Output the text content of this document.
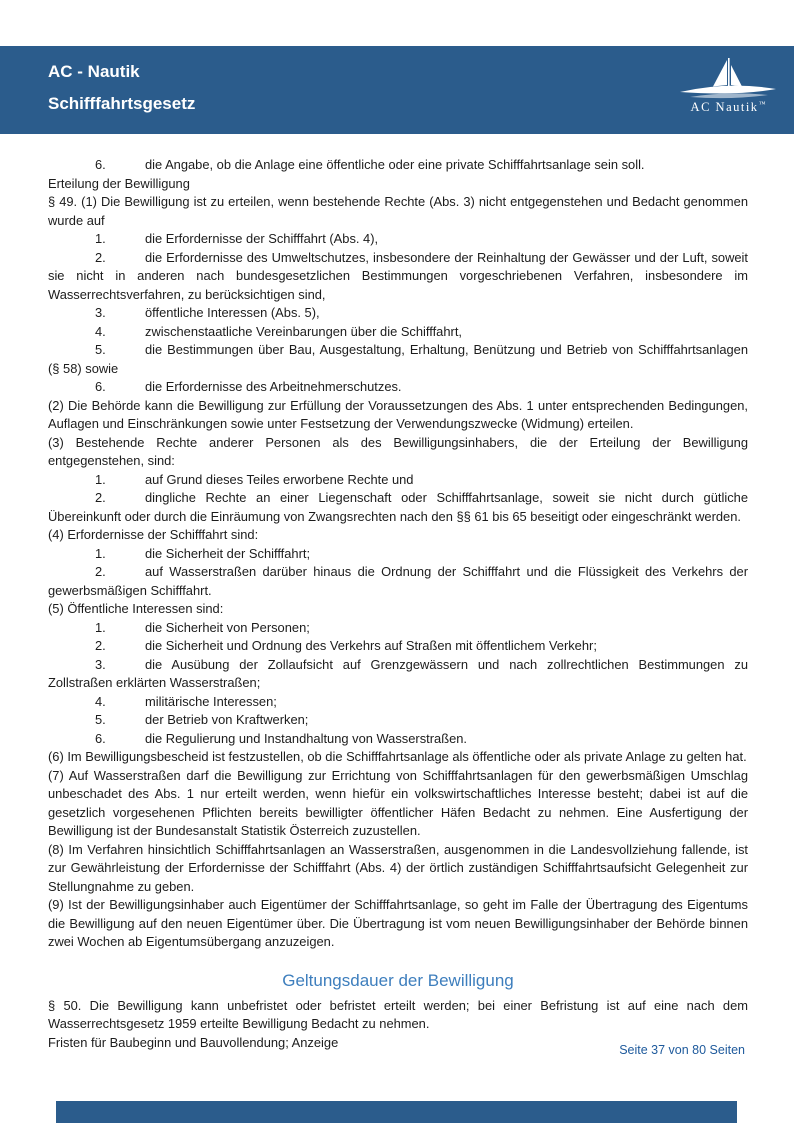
AC - Nautik
Schifffahrtsgesetz	AC Nautik™
6.	die Angabe, ob die Anlage eine öffentliche oder eine private Schifffahrtsanlage sein soll.
Erteilung der Bewilligung
§ 49. (1) Die Bewilligung ist zu erteilen, wenn bestehende Rechte (Abs. 3) nicht entgegenstehen und Bedacht genommen wurde auf
1.	die Erfordernisse der Schifffahrt (Abs. 4),
2.	die Erfordernisse des Umweltschutzes, insbesondere der Reinhaltung der Gewässer und der Luft, soweit sie nicht in anderen nach bundesgesetzlichen Bestimmungen vorgeschriebenen Verfahren, insbesondere im Wasserrechtsverfahren, zu berücksichtigen sind,
3.	öffentliche Interessen (Abs. 5),
4.	zwischenstaatliche Vereinbarungen über die Schifffahrt,
5.	die Bestimmungen über Bau, Ausgestaltung, Erhaltung, Benützung und Betrieb von Schifffahrtsanlagen (§ 58) sowie
6.	die Erfordernisse des Arbeitnehmerschutzes.
(2) Die Behörde kann die Bewilligung zur Erfüllung der Voraussetzungen des Abs. 1 unter entsprechenden Bedingungen, Auflagen und Einschränkungen sowie unter Festsetzung der Verwendungszwecke (Widmung) erteilen.
(3) Bestehende Rechte anderer Personen als des Bewilligungsinhabers, die der Erteilung der Bewilligung entgegenstehen, sind:
1.	auf Grund dieses Teiles erworbene Rechte und
2.	dingliche Rechte an einer Liegenschaft oder Schifffahrtsanlage, soweit sie nicht durch gütliche Übereinkunft oder durch die Einräumung von Zwangsrechten nach den §§ 61 bis 65 beseitigt oder eingeschränkt werden.
(4) Erfordernisse der Schifffahrt sind:
1.	die Sicherheit der Schifffahrt;
2.	auf Wasserstraßen darüber hinaus die Ordnung der Schifffahrt und die Flüssigkeit des Verkehrs der gewerbsmäßigen Schifffahrt.
(5) Öffentliche Interessen sind:
1.	die Sicherheit von Personen;
2.	die Sicherheit und Ordnung des Verkehrs auf Straßen mit öffentlichem Verkehr;
3.	die Ausübung der Zollaufsicht auf Grenzgewässern und nach zollrechtlichen Bestimmungen zu Zollstraßen erklärten Wasserstraßen;
4.	militärische Interessen;
5.	der Betrieb von Kraftwerken;
6.	die Regulierung und Instandhaltung von Wasserstraßen.
(6) Im Bewilligungsbescheid ist festzustellen, ob die Schifffahrtsanlage als öffentliche oder als private Anlage zu gelten hat.
(7) Auf Wasserstraßen darf die Bewilligung zur Errichtung von Schifffahrtsanlagen für den gewerbsmäßigen Umschlag unbeschadet des Abs. 1 nur erteilt werden, wenn hiefür ein volkswirtschaftliches Interesse besteht; dabei ist auf die gesetzlich vorgesehenen Pflichten bereits bewilligter öffentlicher Häfen Bedacht zu nehmen. Eine Ausfertigung der Bewilligung ist der Bundesanstalt Statistik Österreich zuzustellen.
(8) Im Verfahren hinsichtlich Schifffahrtsanlagen an Wasserstraßen, ausgenommen in die Landesvollziehung fallende, ist zur Gewährleistung der Erfordernisse der Schifffahrt (Abs. 4) der örtlich zuständigen Schifffahrtsaufsicht Gelegenheit zur Stellungnahme zu geben.
(9) Ist der Bewilligungsinhaber auch Eigentümer der Schifffahrtsanlage, so geht im Falle der Übertragung des Eigentums die Bewilligung auf den neuen Eigentümer über. Die Übertragung ist vom neuen Bewilligungsinhaber der Behörde binnen zwei Wochen ab Eigentumsübergang anzuzeigen.
Geltungsdauer der Bewilligung
§ 50. Die Bewilligung kann unbefristet oder befristet erteilt werden; bei einer Befristung ist auf eine nach dem Wasserrechtsgesetz 1959 erteilte Bewilligung Bedacht zu nehmen.
Fristen für Baubeginn und Bauvollendung; Anzeige
Seite 37 von 80 Seiten
